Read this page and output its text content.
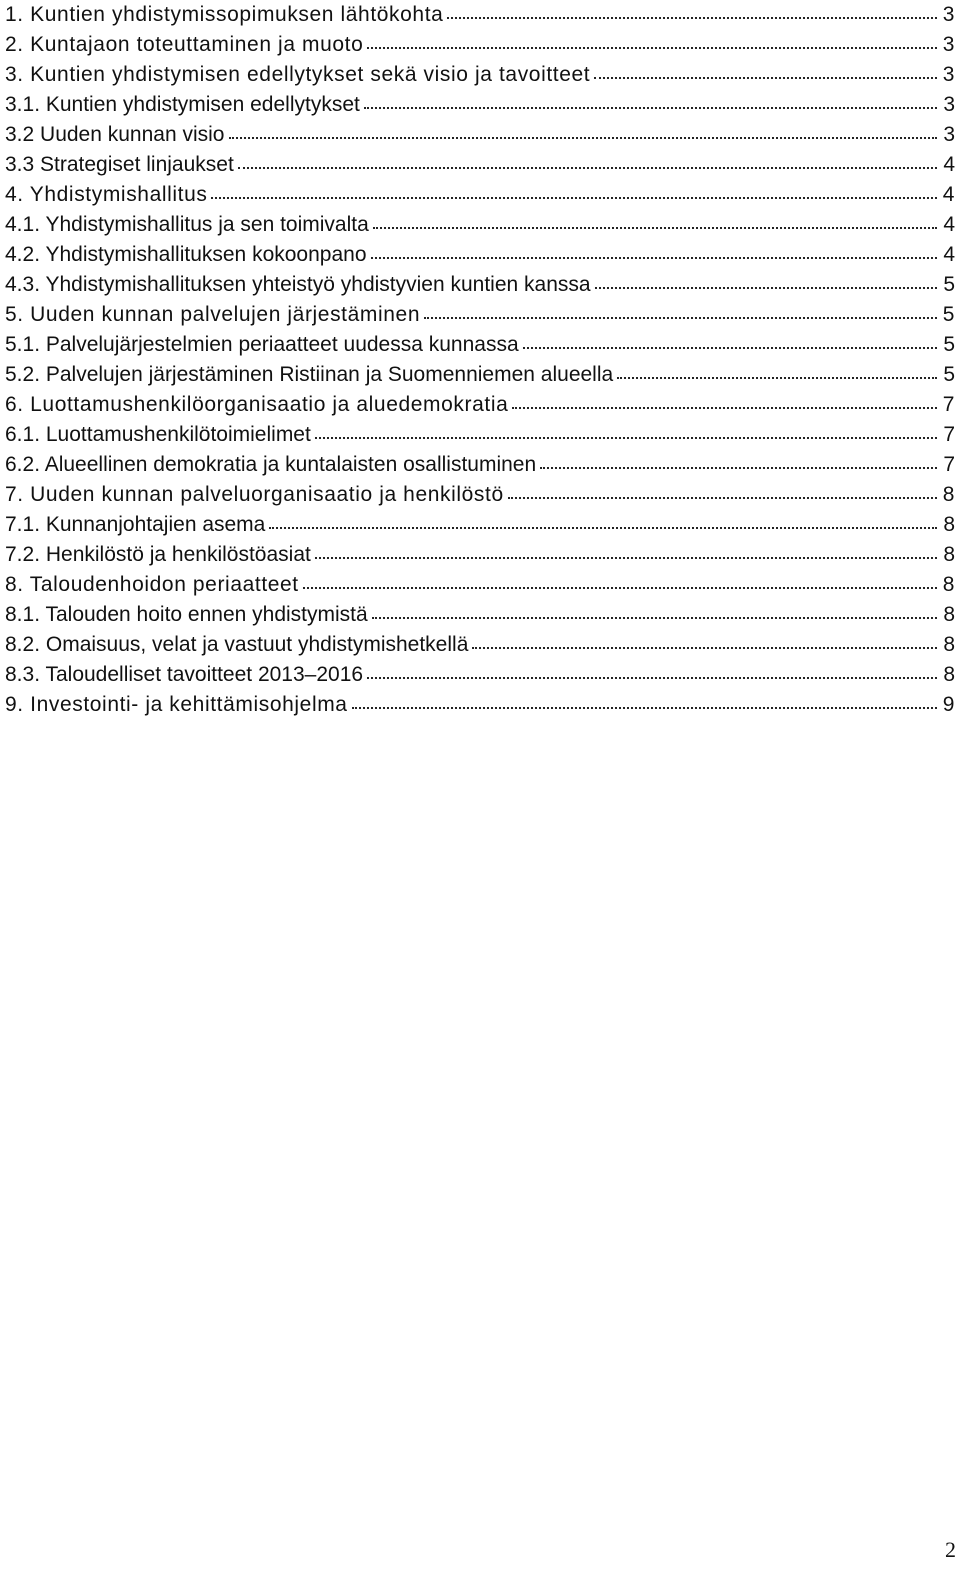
1. Kuntien yhdistymissopimuksen lähtökohta	3
2. Kuntajaon toteuttaminen ja muoto	3
3. Kuntien yhdistymisen edellytykset sekä visio ja tavoitteet	3
3.1. Kuntien yhdistymisen edellytykset	3
3.2 Uuden kunnan visio	3
3.3 Strategiset linjaukset	4
4. Yhdistymishallitus	4
4.1. Yhdistymishallitus ja sen toimivalta	4
4.2. Yhdistymishallituksen kokoonpano	4
4.3. Yhdistymishallituksen yhteistyö yhdistyvien kuntien kanssa	5
5. Uuden kunnan palvelujen järjestäminen	5
5.1. Palvelujärjestelmien periaatteet uudessa kunnassa	5
5.2. Palvelujen järjestäminen Ristiinan ja Suomenniemen alueella	5
6. Luottamushenkilöorganisaatio ja aluedemokratia	7
6.1. Luottamushenkilötoimielimet	7
6.2. Alueellinen demokratia ja kuntalaisten osallistuminen	7
7. Uuden kunnan palveluorganisaatio ja henkilöstö	8
7.1. Kunnanjohtajien asema	8
7.2. Henkilöstö ja henkilöstöasiat	8
8. Taloudenhoidon periaatteet	8
8.1. Talouden hoito ennen yhdistymistä	8
8.2. Omaisuus, velat ja vastuut yhdistymishetkellä	8
8.3. Taloudelliset tavoitteet 2013–2016	8
9. Investointi- ja kehittämisohjelma	9
2
